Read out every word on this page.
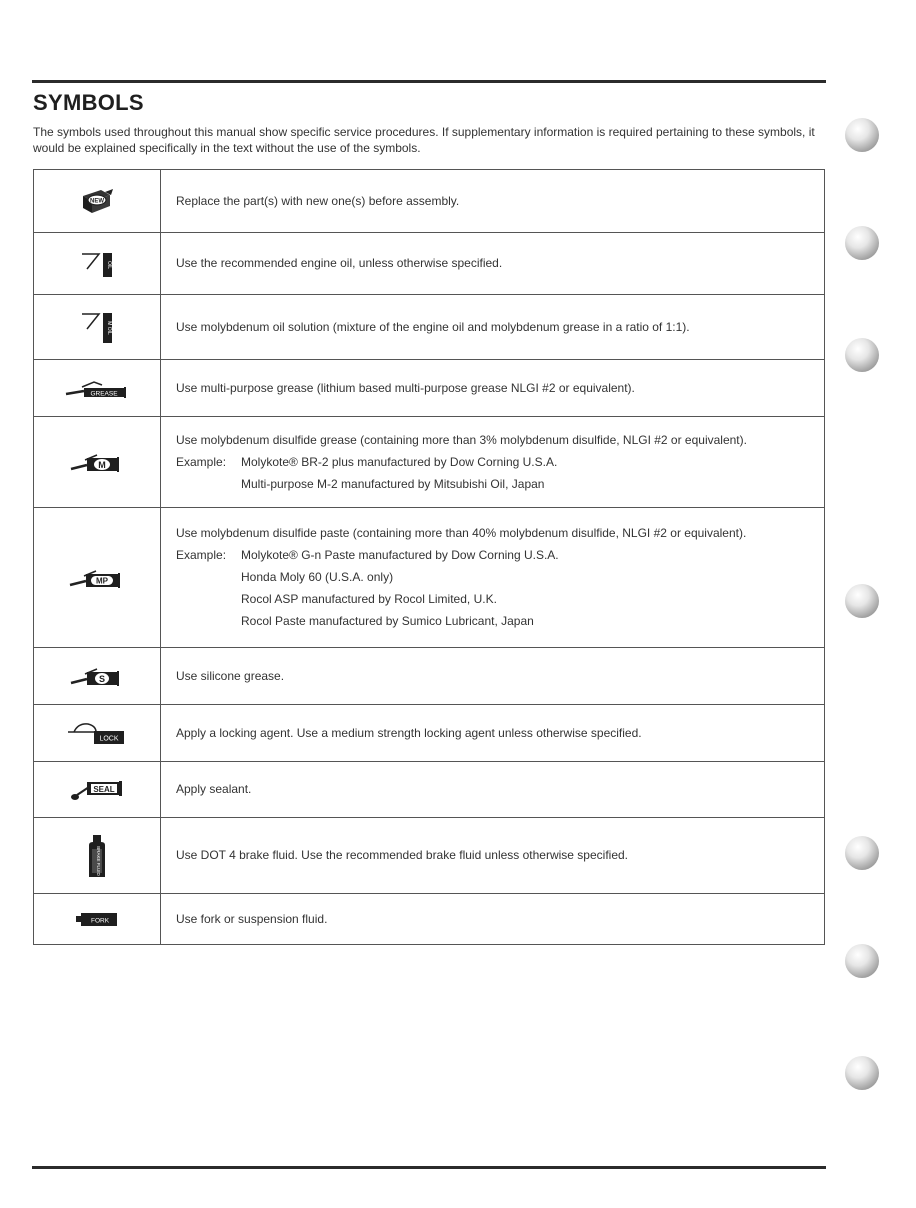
SYMBOLS

The symbols used throughout this manual show specific service procedures. If supplementary information is required pertaining to these symbols, it would be explained specifically in the text without the use of the symbols.

NEW	Replace the part(s) with new one(s) before assembly.

OIL	Use the recommended engine oil, unless otherwise specified.

M OIL	Use molybdenum oil solution (mixture of the engine oil and molybdenum grease in a ratio of 1:1).

GREASE	Use multi-purpose grease (lithium based multi-purpose grease NLGI #2 or equivalent).

M	Use molybdenum disulfide grease (containing more than 3% molybdenum disulfide, NLGI #2 or equivalent).
Example: Molykote® BR-2 plus manufactured by Dow Corning U.S.A.
Multi-purpose M-2 manufactured by Mitsubishi Oil, Japan

MP	Use molybdenum disulfide paste (containing more than 40% molybdenum disulfide, NLGI #2 or equivalent).
Example: Molykote® G-n Paste manufactured by Dow Corning U.S.A.
Honda Moly 60 (U.S.A. only)
Rocol ASP manufactured by Rocol Limited, U.K.
Rocol Paste manufactured by Sumico Lubricant, Japan

S	Use silicone grease.

LOCK	Apply a locking agent. Use a medium strength locking agent unless otherwise specified.

SEAL	Apply sealant.

BRAKE FLUID	Use DOT 4 brake fluid. Use the recommended brake fluid unless otherwise specified.

FORK	Use fork or suspension fluid.
